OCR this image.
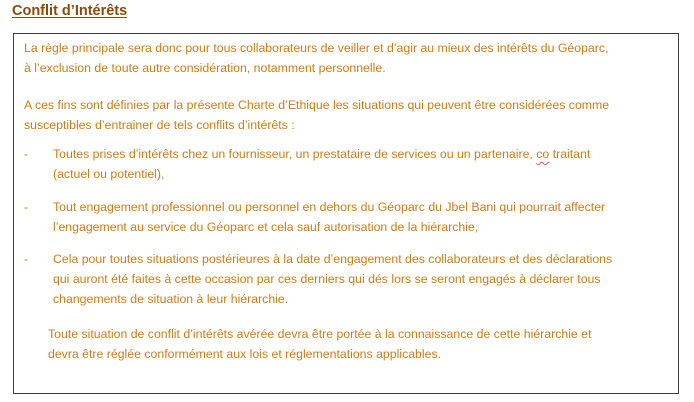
Conflit d’Intérêts

La règle principale sera donc pour tous collaborateurs de veiller et d’agir au mieux des intérêts du Géoparc,
à l’exclusion de toute autre considération, notamment personnelle.

A ces fins sont définies par la présente Charte d’Ethique les situations qui peuvent être considérées comme
susceptibles d’entrainer de tels conflits d’intérêts :

- Toutes prises d’intérêts chez un fournisseur, un prestataire de services ou un partenaire, co traitant
(actuel ou potentiel),
- Tout engagement professionnel ou personnel en dehors du Géoparc du Jbel Bani qui pourrait affecter
l’engagement au service du Géoparc et cela sauf autorisation de la hiérarchie,
- Cela pour toutes situations postérieures à la date d’engagement des collaborateurs et des déclarations
qui auront été faites à cette occasion par ces derniers qui dés lors se seront engagés à déclarer tous
changements de situation à leur hiérarchie.

Toute situation de conflit d’intérêts avérée devra être portée à la connaissance de cette hiérarchie et
devra être réglée conformément aux lois et réglementations applicables.
